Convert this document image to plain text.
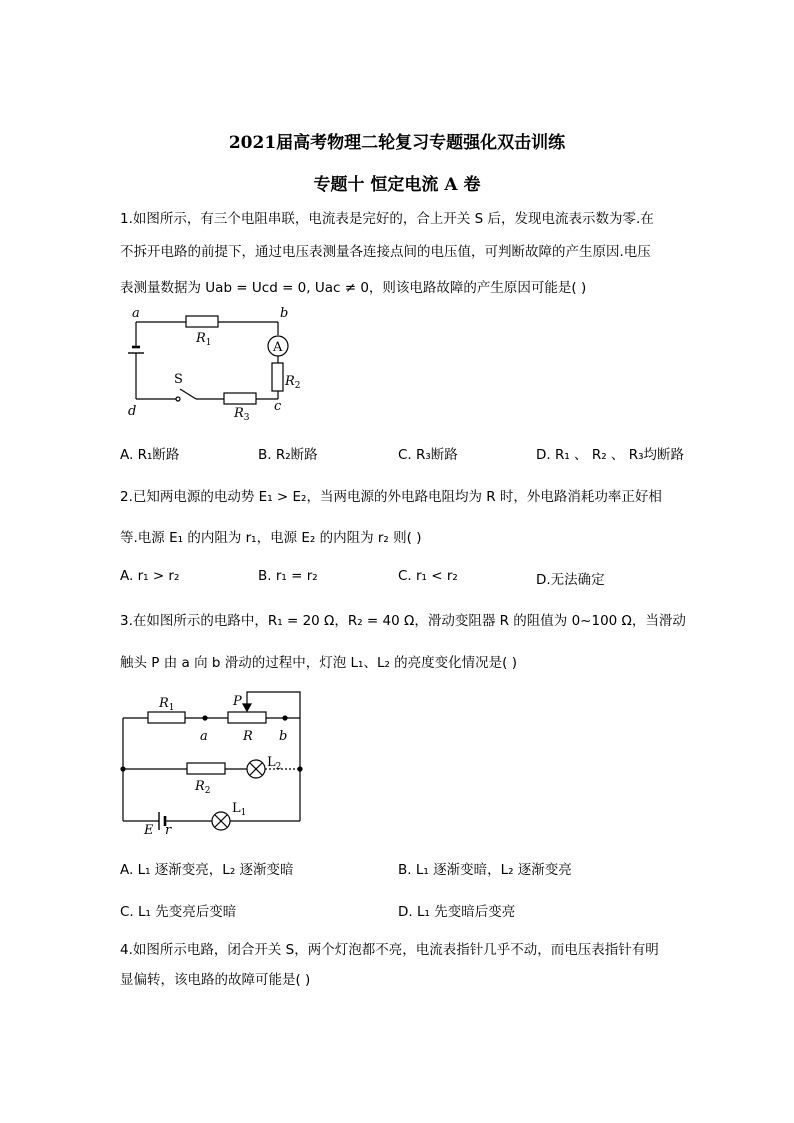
2021届高考物理二轮复习专题强化双击训练
专题十 恒定电流 A 卷
1.如图所示，有三个电阻串联，电流表是完好的，合上开关 S 后，发现电流表示数为零.在
不拆开电路的前提下，通过电压表测量各连接点间的电压值，可判断故障的产生原因.电压
表测量数据为 Uab = Ucd = 0, Uac ≠ 0，则该电路故障的产生原因可能是( )
a	b
c
d
$R_1$
$R_2$
$R_3$
S
A
A. R₁断路	B. R₂断路	C. R₃断路	D. R₁ 、 R₂ 、 R₃均断路
2.已知两电源的电动势 E₁ > E₂，当两电源的外电路电阻均为 R 时，外电路消耗功率正好相
等.电源 E₁ 的内阻为 r₁，电源 E₂ 的内阻为 r₂ 则( )
A. r₁ > r₂	B. r₁ = r₂	C. r₁ < r₂	D.无法确定
3.在如图所示的电路中，R₁ = 20 Ω，R₂ = 40 Ω，滑动变阻器 R 的阻值为 0~100 Ω，当滑动
触头 P 由 a 向 b 滑动的过程中，灯泡 L₁、L₂ 的亮度变化情况是( )
$R_1$	P
a	R b
$L_2$
$R_2$
$L_1$
E r
A. L₁ 逐渐变亮，L₂ 逐渐变暗	B. L₁ 逐渐变暗，L₂ 逐渐变亮
C. L₁ 先变亮后变暗	D. L₁ 先变暗后变亮
4.如图所示电路，闭合开关 S，两个灯泡都不亮，电流表指针几乎不动，而电压表指针有明
显偏转，该电路的故障可能是( )
